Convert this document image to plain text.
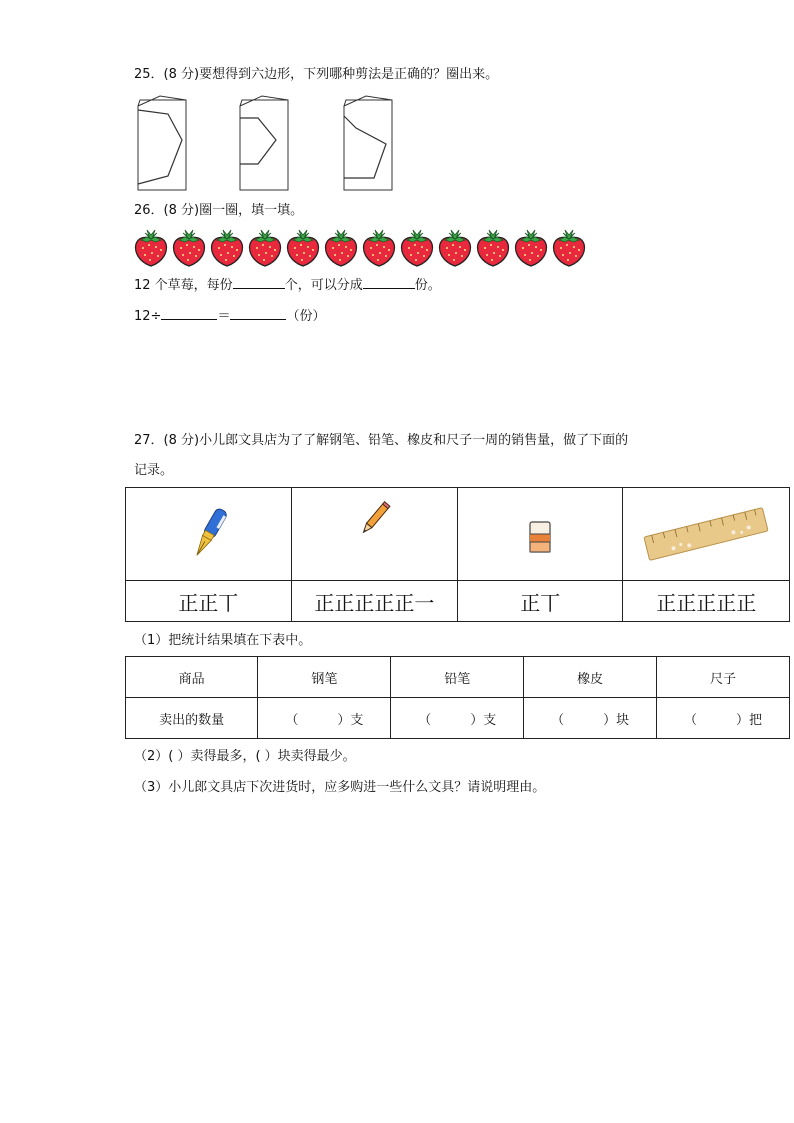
25．(8 分)要想得到六边形，下列哪种剪法是正确的？圈出来。
26．(8 分)圈一圈，填一填。
12 个草莓，每份	个，可以分成	份。
12÷	＝	（份）
27．(8 分)小儿郎文具店为了了解钢笔、铅笔、橡皮和尺子一周的销售量，做了下面的
记录。

正正丅	正正正正正一	正丅	正正正正正
（1）把统计结果填在下表中。
商品	钢笔	铅笔	橡皮	尺子
卖出的数量	（ ）支	（ ）支	（ ）块	（ ）把
（2）( ）卖得最多，( ）块卖得最少。
（3）小儿郎文具店下次进货时，应多购进一些什么文具？请说明理由。
